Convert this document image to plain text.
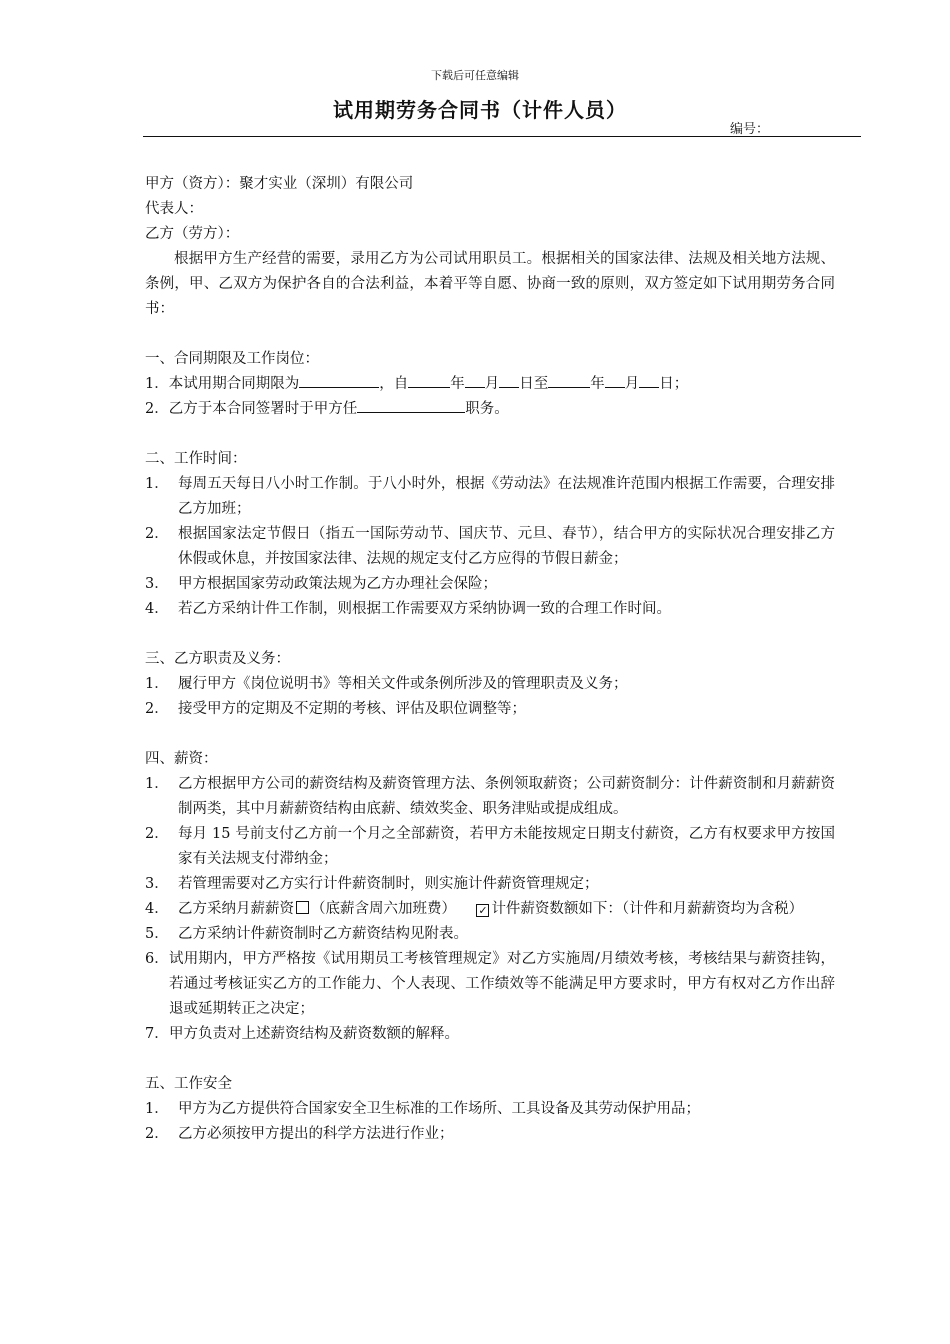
下载后可任意编辑
试用期劳务合同书（计件人员）
编号：
甲方（资方）：聚才实业（深圳）有限公司
代表人：
乙方（劳方）：
根据甲方生产经营的需要，录用乙方为公司试用职员工。根据相关的国家法律、法规及相关地方法规、条例，甲、乙双方为保护各自的合法利益，本着平等自愿、协商一致的原则，双方签定如下试用期劳务合同书：
一、合同期限及工作岗位：
1．本试用期合同期限为	，自	年 月 日至	年 月 日；
2．乙方于本合同签署时于甲方任	职务。
二、工作时间：
1． 每周五天每日八小时工作制。于八小时外，根据《劳动法》在法规准许范围内根据工作需要，合理安排乙方加班；
2． 根据国家法定节假日（指五一国际劳动节、国庆节、元旦、春节），结合甲方的实际状况合理安排乙方休假或休息，并按国家法律、法规的规定支付乙方应得的节假日薪金；
3． 甲方根据国家劳动政策法规为乙方办理社会保险；
4． 若乙方采纳计件工作制，则根据工作需要双方采纳协调一致的合理工作时间。
三、乙方职责及义务：
1． 履行甲方《岗位说明书》等相关文件或条例所涉及的管理职责及义务；
2． 接受甲方的定期及不定期的考核、评估及职位调整等；
四、薪资：
1． 乙方根据甲方公司的薪资结构及薪资管理方法、条例领取薪资；公司薪资制分：计件薪资制和月薪薪资制两类，其中月薪薪资结构由底薪、绩效奖金、职务津贴或提成组成。
2． 每月 15 号前支付乙方前一个月之全部薪资，若甲方未能按规定日期支付薪资，乙方有权要求甲方按国家有关法规支付滞纳金；
3． 若管理需要对乙方实行计件薪资制时，则实施计件薪资管理规定；
4． 乙方采纳月薪薪资 （底薪含周六加班费） ✓ 计件薪资数额如下：（计件和月薪薪资均为含税）
5． 乙方采纳计件薪资制时乙方薪资结构见附表。
6． 试用期内，甲方严格按《试用期员工考核管理规定》对乙方实施周/月绩效考核，考核结果与薪资挂钩，若通过考核证实乙方的工作能力、个人表现、工作绩效等不能满足甲方要求时，甲方有权对乙方作出辞退或延期转正之决定；
7． 甲方负责对上述薪资结构及薪资数额的解释。
五、工作安全
1． 甲方为乙方提供符合国家安全卫生标准的工作场所、工具设备及其劳动保护用品；
2． 乙方必须按甲方提出的科学方法进行作业；
